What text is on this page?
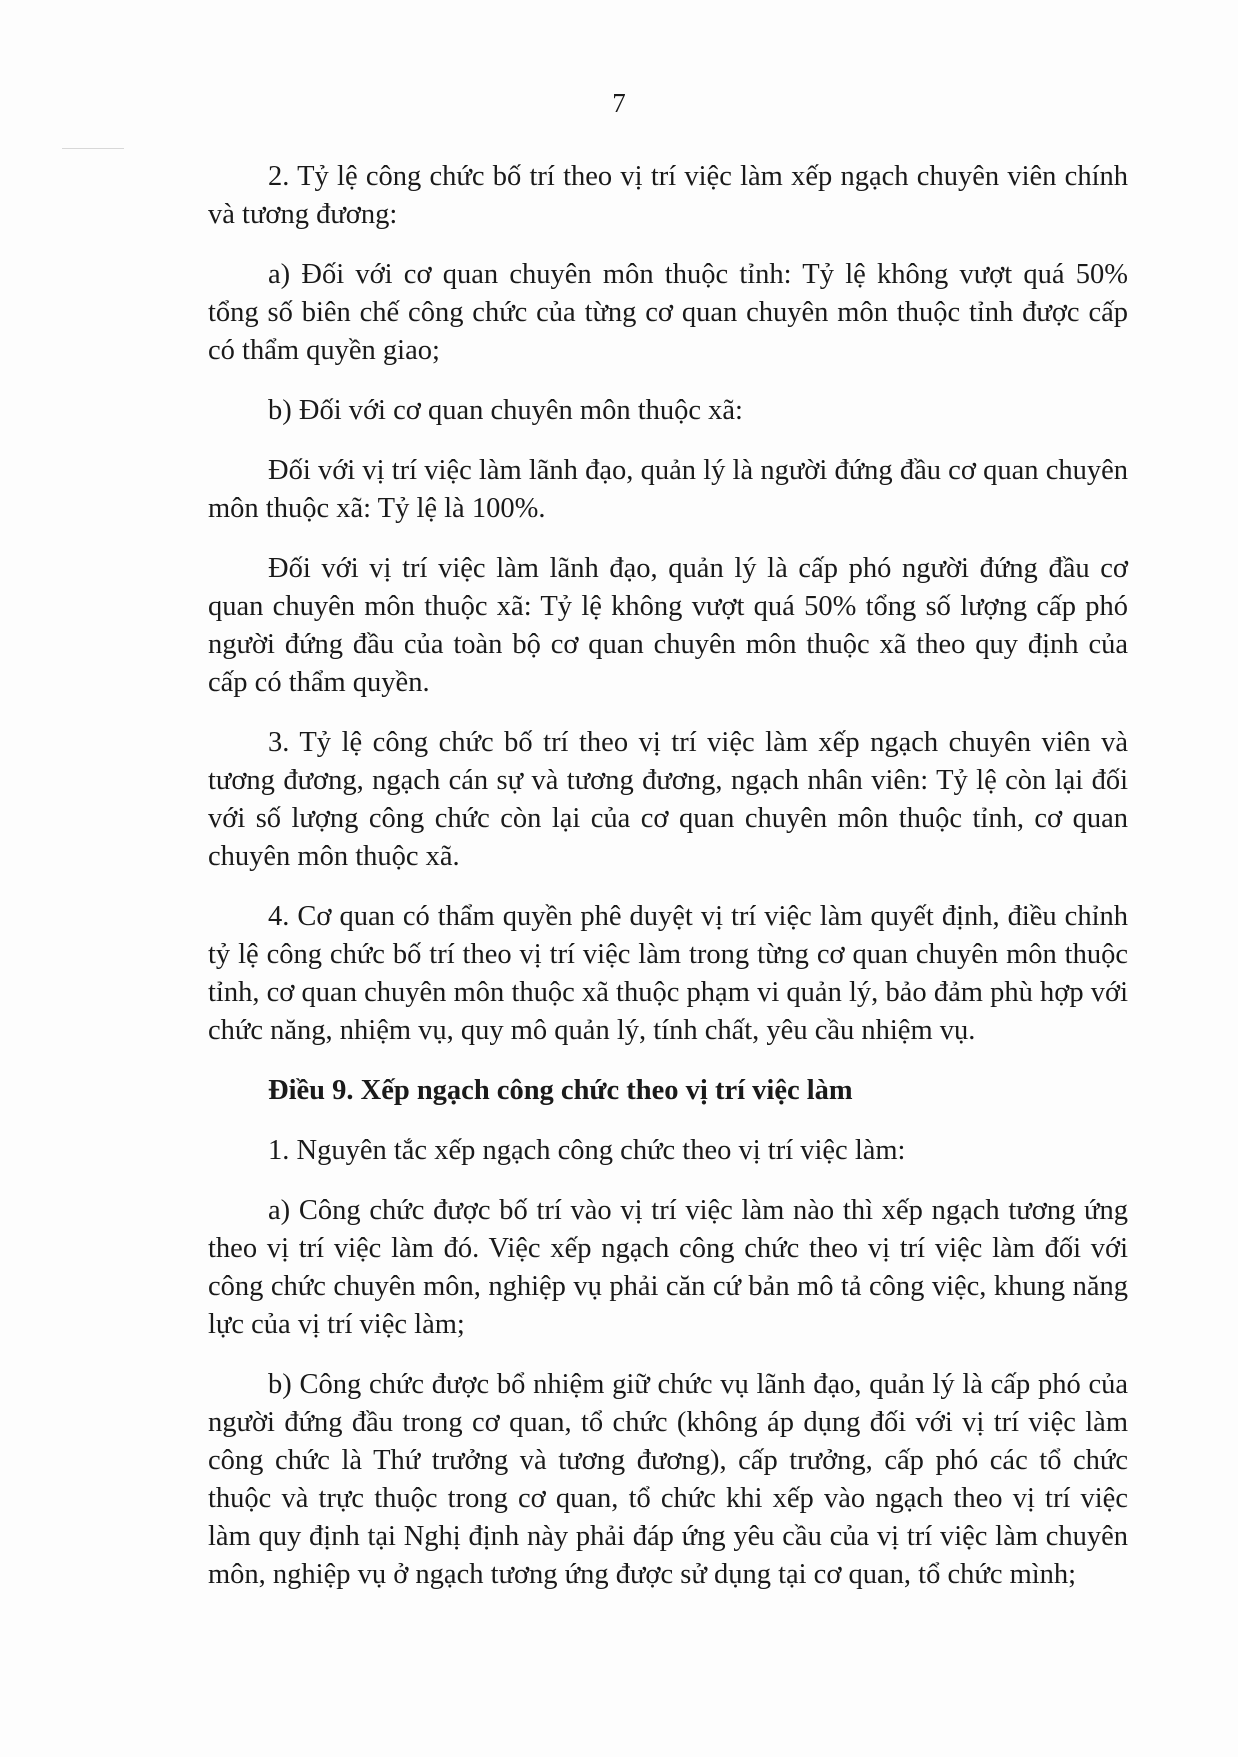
7

2. Tỷ lệ công chức bố trí theo vị trí việc làm xếp ngạch chuyên viên chính và tương đương:

a) Đối với cơ quan chuyên môn thuộc tỉnh: Tỷ lệ không vượt quá 50% tổng số biên chế công chức của từng cơ quan chuyên môn thuộc tỉnh được cấp có thẩm quyền giao;

b) Đối với cơ quan chuyên môn thuộc xã:

Đối với vị trí việc làm lãnh đạo, quản lý là người đứng đầu cơ quan chuyên môn thuộc xã: Tỷ lệ là 100%.

Đối với vị trí việc làm lãnh đạo, quản lý là cấp phó người đứng đầu cơ quan chuyên môn thuộc xã: Tỷ lệ không vượt quá 50% tổng số lượng cấp phó người đứng đầu của toàn bộ cơ quan chuyên môn thuộc xã theo quy định của cấp có thẩm quyền.

3. Tỷ lệ công chức bố trí theo vị trí việc làm xếp ngạch chuyên viên và tương đương, ngạch cán sự và tương đương, ngạch nhân viên: Tỷ lệ còn lại đối với số lượng công chức còn lại của cơ quan chuyên môn thuộc tỉnh, cơ quan chuyên môn thuộc xã.

4. Cơ quan có thẩm quyền phê duyệt vị trí việc làm quyết định, điều chỉnh tỷ lệ công chức bố trí theo vị trí việc làm trong từng cơ quan chuyên môn thuộc tỉnh, cơ quan chuyên môn thuộc xã thuộc phạm vi quản lý, bảo đảm phù hợp với chức năng, nhiệm vụ, quy mô quản lý, tính chất, yêu cầu nhiệm vụ.

Điều 9. Xếp ngạch công chức theo vị trí việc làm

1. Nguyên tắc xếp ngạch công chức theo vị trí việc làm:

a) Công chức được bố trí vào vị trí việc làm nào thì xếp ngạch tương ứng theo vị trí việc làm đó. Việc xếp ngạch công chức theo vị trí việc làm đối với công chức chuyên môn, nghiệp vụ phải căn cứ bản mô tả công việc, khung năng lực của vị trí việc làm;

b) Công chức được bổ nhiệm giữ chức vụ lãnh đạo, quản lý là cấp phó của người đứng đầu trong cơ quan, tổ chức (không áp dụng đối với vị trí việc làm công chức là Thứ trưởng và tương đương), cấp trưởng, cấp phó các tổ chức thuộc và trực thuộc trong cơ quan, tổ chức khi xếp vào ngạch theo vị trí việc làm quy định tại Nghị định này phải đáp ứng yêu cầu của vị trí việc làm chuyên môn, nghiệp vụ ở ngạch tương ứng được sử dụng tại cơ quan, tổ chức mình;
